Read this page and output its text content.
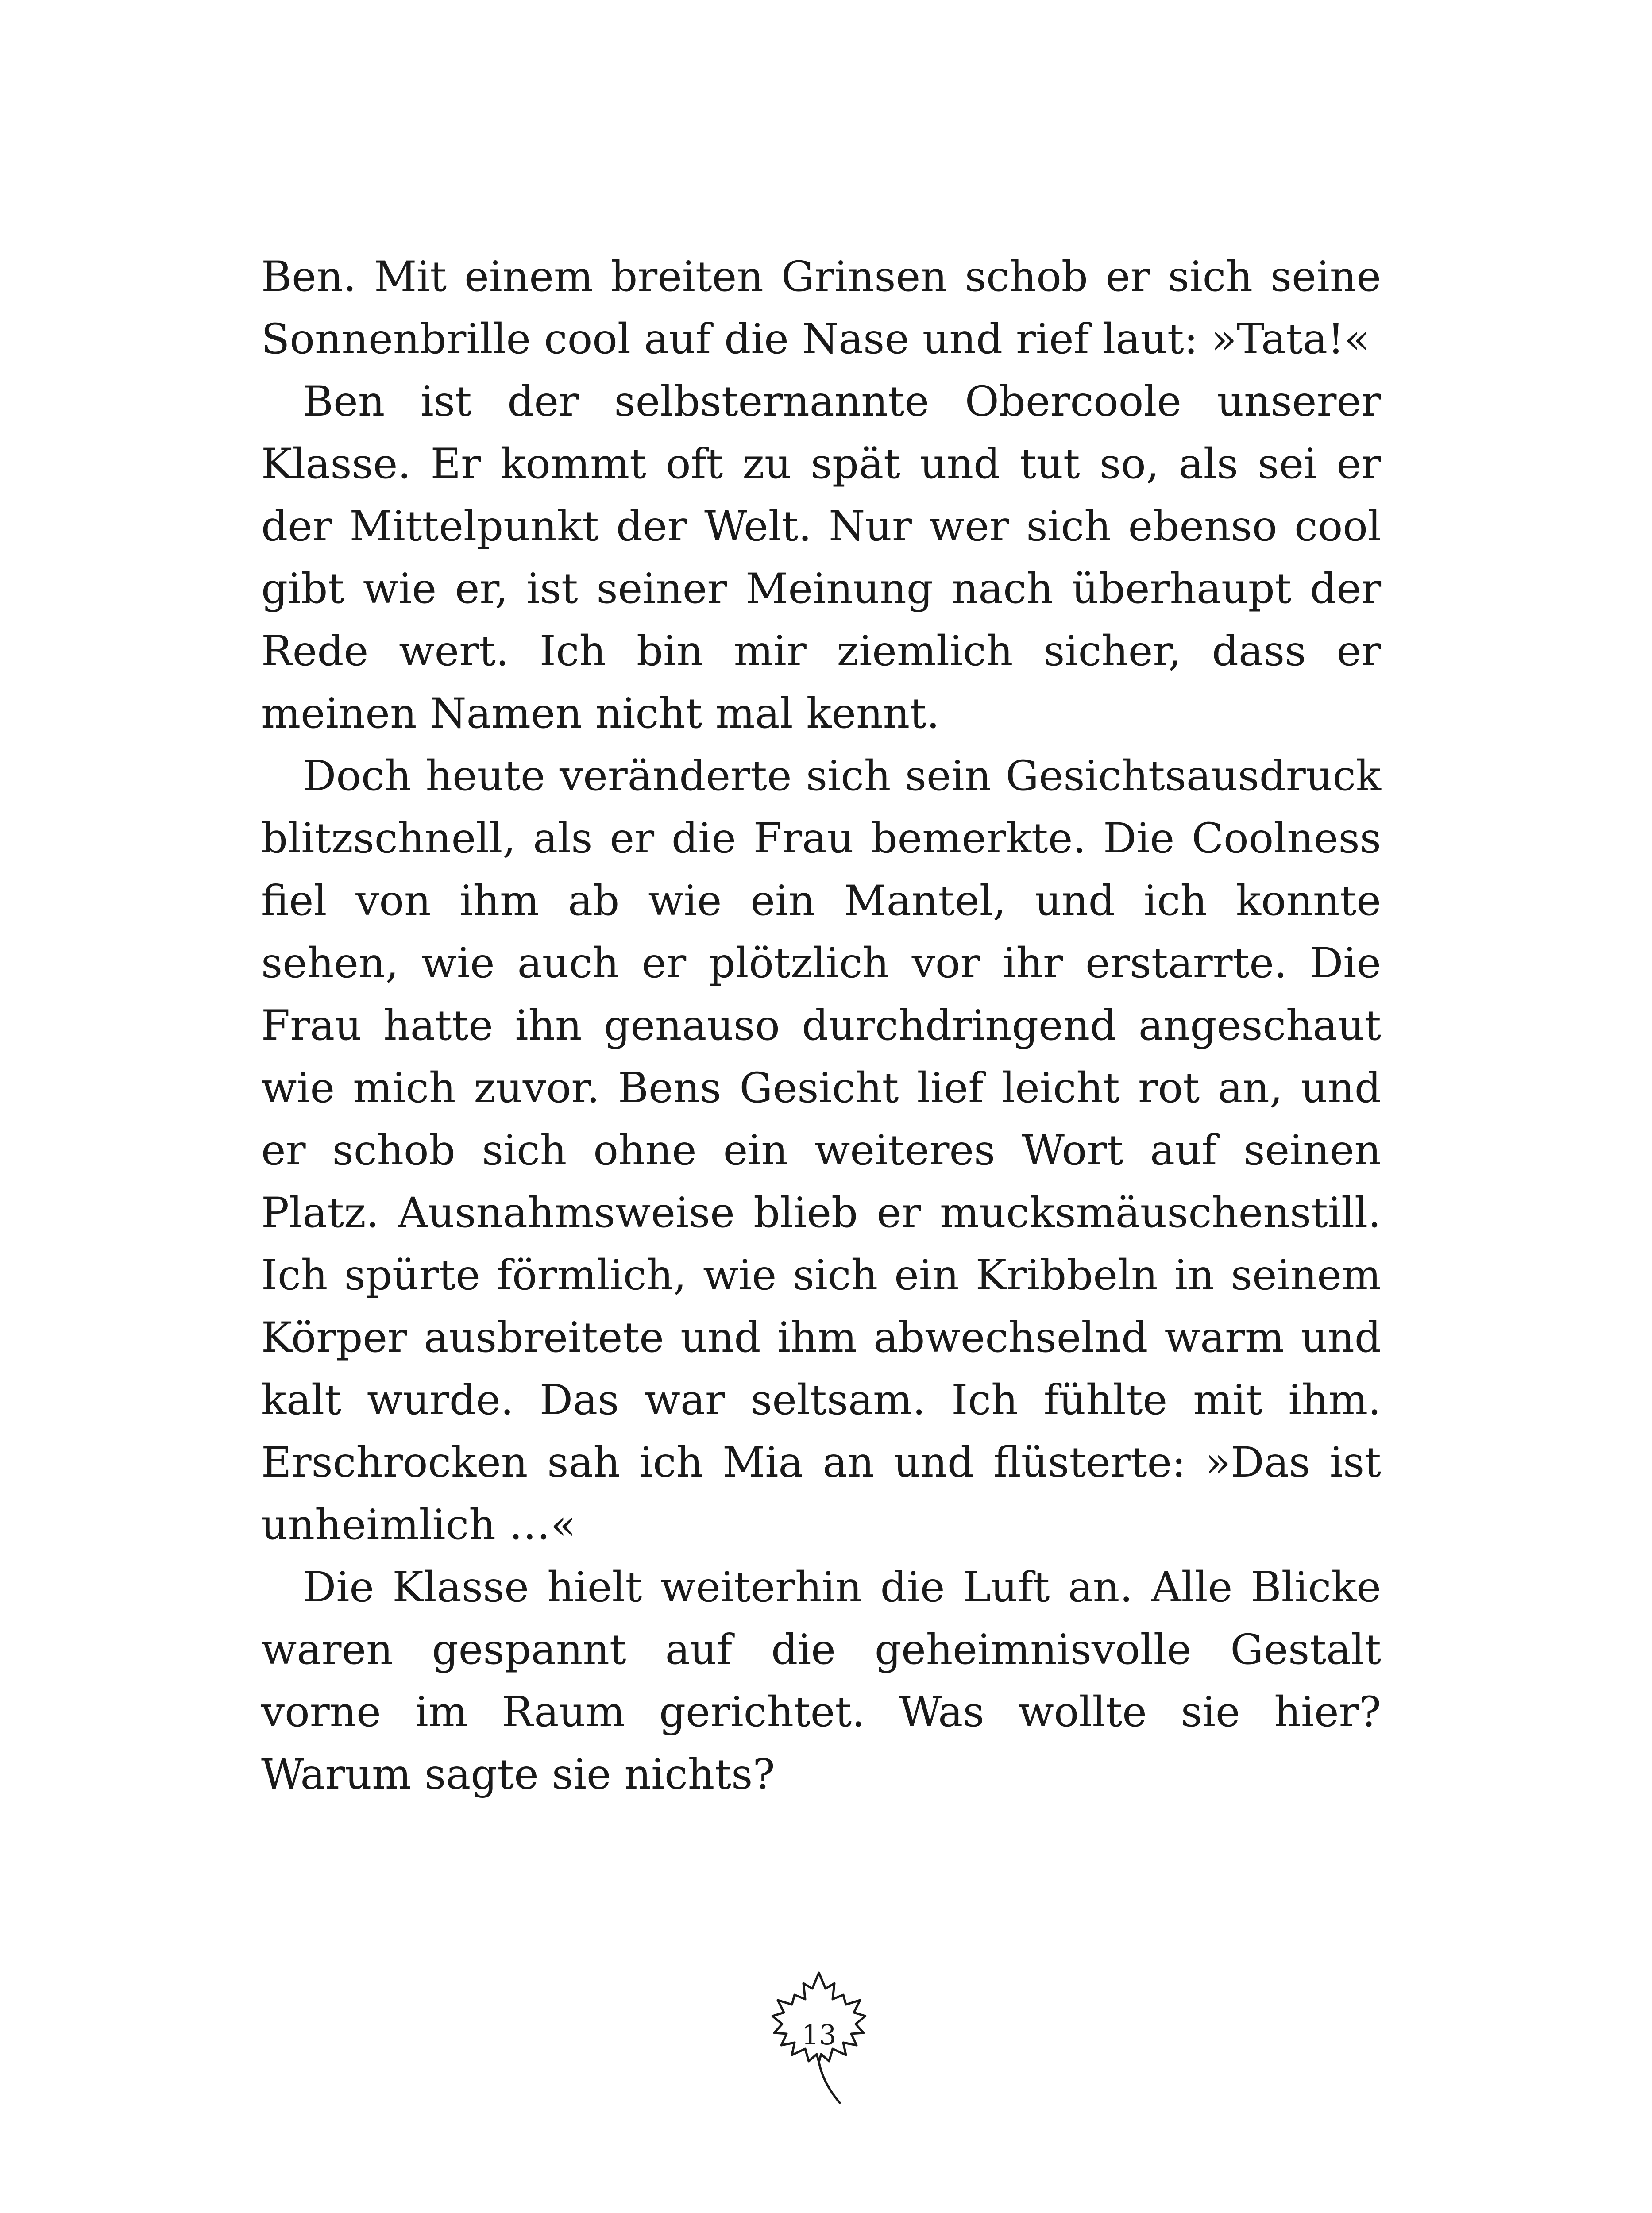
Ben. Mit einem breiten Grinsen schob er sich seine Sonnenbrille cool auf die Nase und rief laut: »Tata!«

Ben ist der selbsternannte Obercoole unserer Klasse. Er kommt oft zu spät und tut so, als sei er der Mittelpunkt der Welt. Nur wer sich ebenso cool gibt wie er, ist seiner Meinung nach überhaupt der Rede wert. Ich bin mir ziemlich sicher, dass er meinen Namen nicht mal kennt.

Doch heute veränderte sich sein Gesichtsausdruck blitzschnell, als er die Frau bemerkte. Die Coolness fiel von ihm ab wie ein Mantel, und ich konnte sehen, wie auch er plötzlich vor ihr erstarrte. Die Frau hatte ihn genauso durchdringend angeschaut wie mich zuvor. Bens Gesicht lief leicht rot an, und er schob sich ohne ein weiteres Wort auf seinen Platz. Ausnahmsweise blieb er mucksmäuschenstill. Ich spürte förmlich, wie sich ein Kribbeln in seinem Körper ausbreitete und ihm abwechselnd warm und kalt wurde. Das war seltsam. Ich fühlte mit ihm. Erschrocken sah ich Mia an und flüsterte: »Das ist unheimlich …«

Die Klasse hielt weiterhin die Luft an. Alle Blicke waren gespannt auf die geheimnisvolle Gestalt vorne im Raum gerichtet. Was wollte sie hier? Warum sagte sie nichts?

13
